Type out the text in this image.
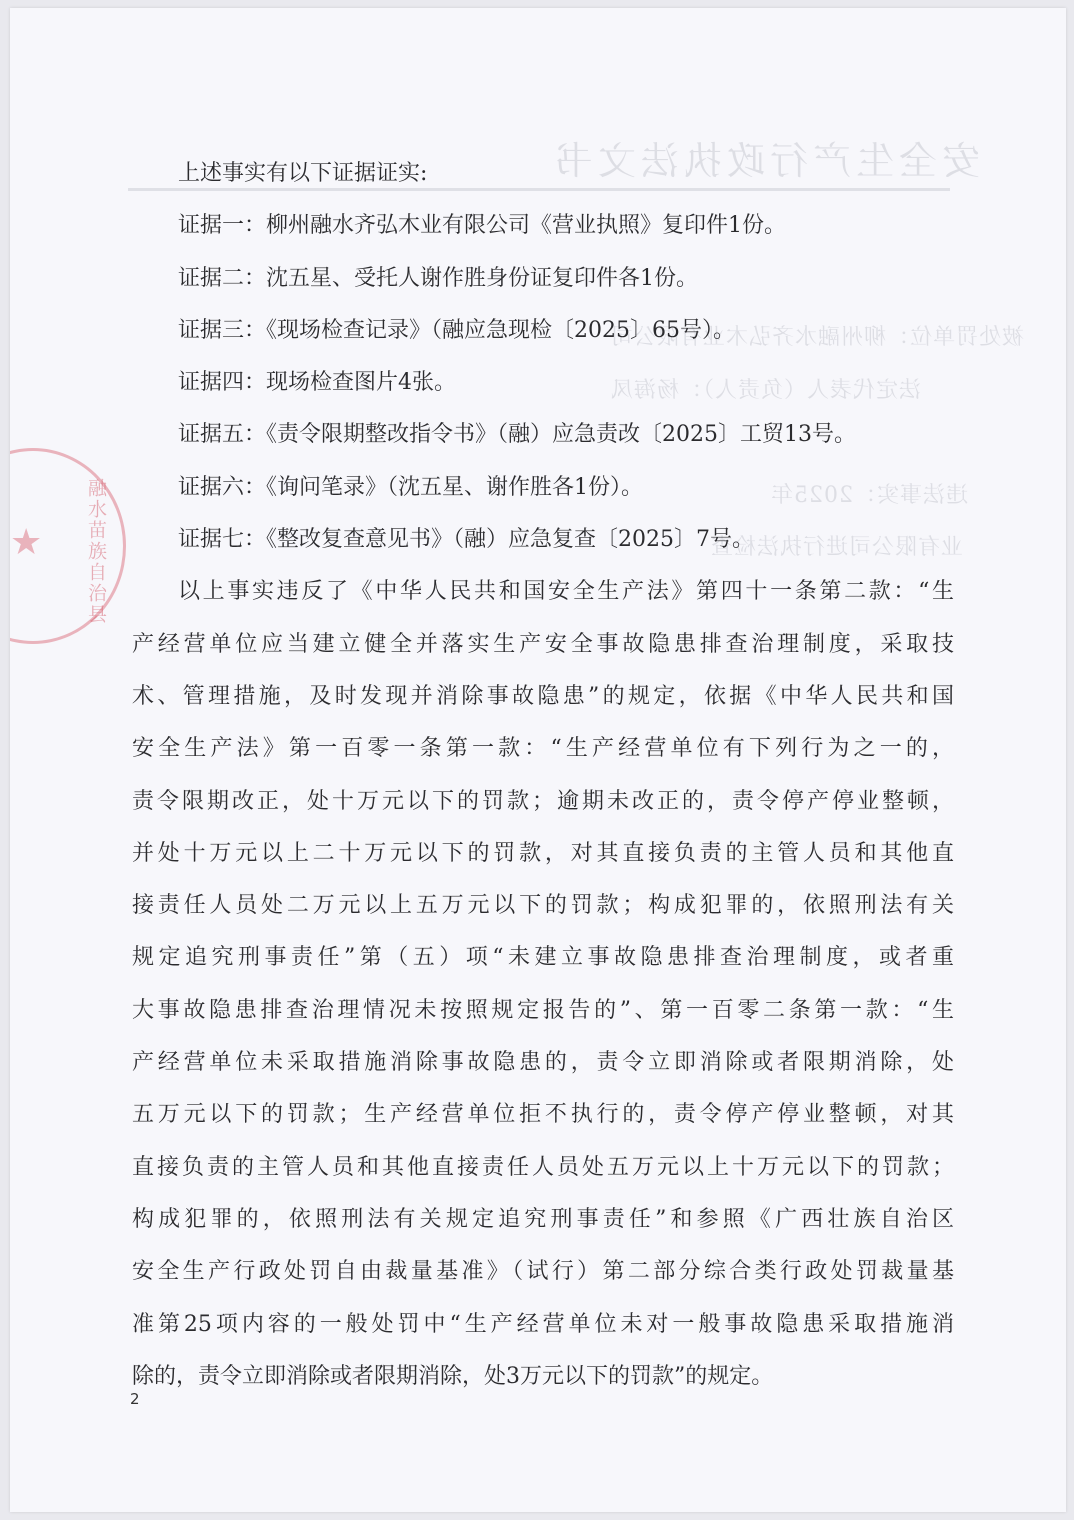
安全生产行政执法文书
被处罚单位：柳州融水齐弘木业有限公司
法定代表人（负责人）：杨海凤
违法事实：2025年
业有限公司进行执法检查
★	融水苗族自治县
上述事实有以下证据证实:
证据一：柳州融水齐弘木业有限公司《营业执照》复印件1份。
证据二：沈五星、受托人谢作胜身份证复印件各1份。
证据三：《现场检查记录》（融应急现检〔2025〕65号）。
证据四：现场检查图片4张。
证据五：《责令限期整改指令书》（融）应急责改〔2025〕工贸13号。
证据六：《询问笔录》（沈五星、谢作胜各1份）。
证据七：《整改复查意见书》（融）应急复查〔2025〕7号。
以上事实违反了《中华人民共和国安全生产法》第四十一条第二款：“生
产经营单位应当建立健全并落实生产安全事故隐患排查治理制度，采取技
术、管理措施，及时发现并消除事故隐患”的规定，依据《中华人民共和国
安全生产法》第一百零一条第一款：“生产经营单位有下列行为之一的，
责令限期改正，处十万元以下的罚款；逾期未改正的，责令停产停业整顿，
并处十万元以上二十万元以下的罚款，对其直接负责的主管人员和其他直
接责任人员处二万元以上五万元以下的罚款；构成犯罪的，依照刑法有关
规定追究刑事责任”第（五）项“未建立事故隐患排查治理制度，或者重
大事故隐患排查治理情况未按照规定报告的”、第一百零二条第一款：“生
产经营单位未采取措施消除事故隐患的，责令立即消除或者限期消除，处
五万元以下的罚款；生产经营单位拒不执行的，责令停产停业整顿，对其
直接负责的主管人员和其他直接责任人员处五万元以上十万元以下的罚款；
构成犯罪的，依照刑法有关规定追究刑事责任”和参照《广西壮族自治区
安全生产行政处罚自由裁量基准》（试行）第二部分综合类行政处罚裁量基
准第25项内容的一般处罚中“生产经营单位未对一般事故隐患采取措施消
除的，责令立即消除或者限期消除，处3万元以下的罚款”的规定。
2
